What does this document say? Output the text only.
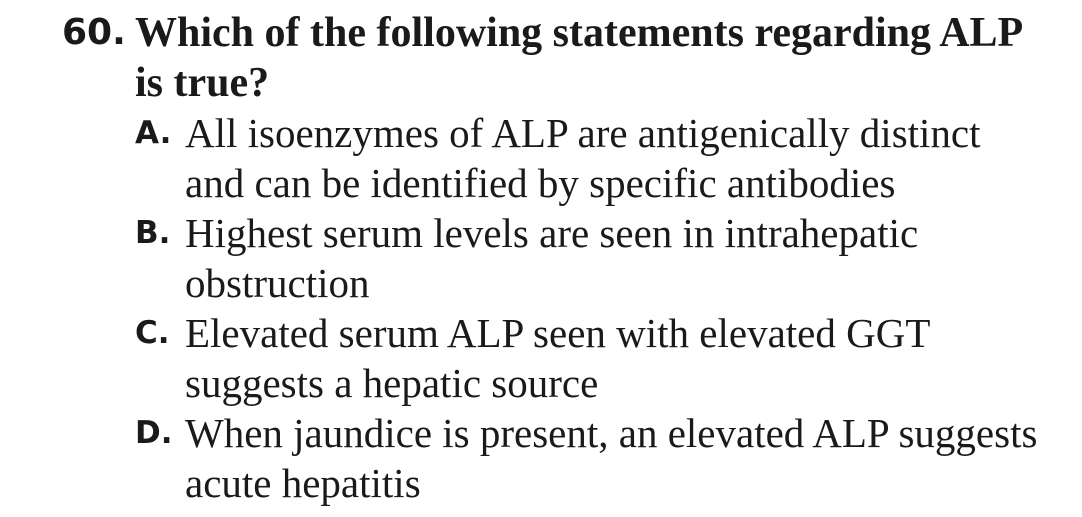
60. Which of the following statements regarding ALP is true?
A. All isoenzymes of ALP are antigenically distinct and can be identified by specific antibodies
B. Highest serum levels are seen in intrahepatic obstruction
C. Elevated serum ALP seen with elevated GGT suggests a hepatic source
D. When jaundice is present, an elevated ALP suggests acute hepatitis
